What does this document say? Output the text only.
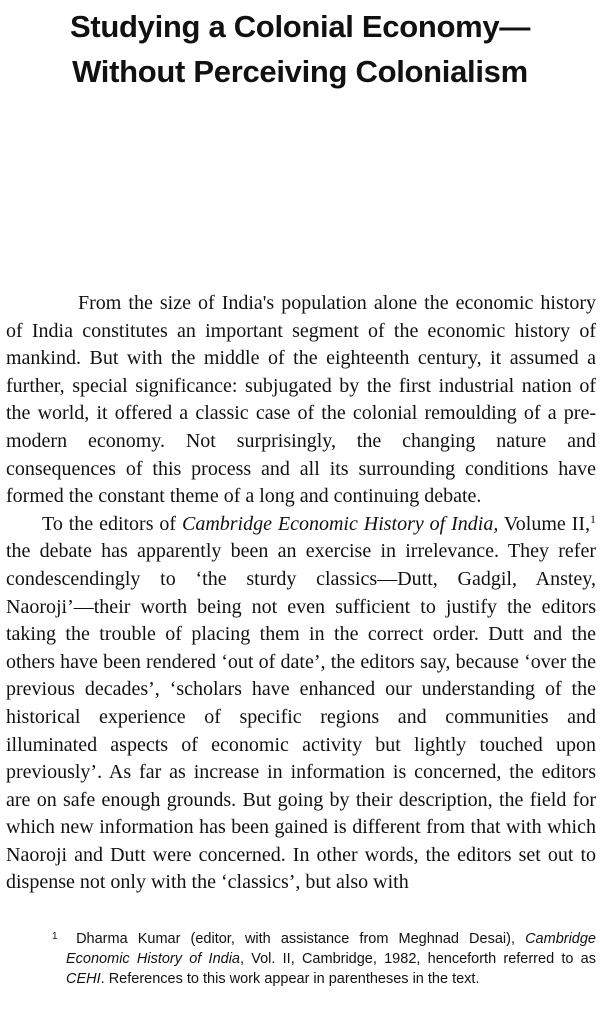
Studying a Colonial Economy—
Without Perceiving Colonialism

From the size of India's population alone the economic history of India constitutes an important segment of the economic history of mankind. But with the middle of the eighteenth century, it assumed a further, special significance: subjugated by the first industrial nation of the world, it offered a classic case of the colonial remoulding of a pre-modern economy. Not surprisingly, the changing nature and consequences of this process and all its surrounding conditions have formed the constant theme of a long and continuing debate.

To the editors of Cambridge Economic History of India, Volume II,$^1$ the debate has apparently been an exercise in irrelevance. They refer condescendingly to ‘the sturdy classics—Dutt, Gadgil, Anstey, Naoroji’—their worth being not even sufficient to justify the editors taking the trouble of placing them in the correct order. Dutt and the others have been rendered ‘out of date’, the editors say, because ‘over the previous decades’, ‘scholars have enhanced our understanding of the historical experience of specific regions and communities and illuminated aspects of economic activity but lightly touched upon previously’. As far as increase in information is concerned, the editors are on safe enough grounds. But going by their description, the field for which new information has been gained is different from that with which Naoroji and Dutt were concerned. In other words, the editors set out to dispense not only with the ‘classics’, but also with

1 Dharma Kumar (editor, with assistance from Meghnad Desai), Cambridge Economic History of India, Vol. II, Cambridge, 1982, henceforth referred to as CEHI. References to this work appear in parentheses in the text.
